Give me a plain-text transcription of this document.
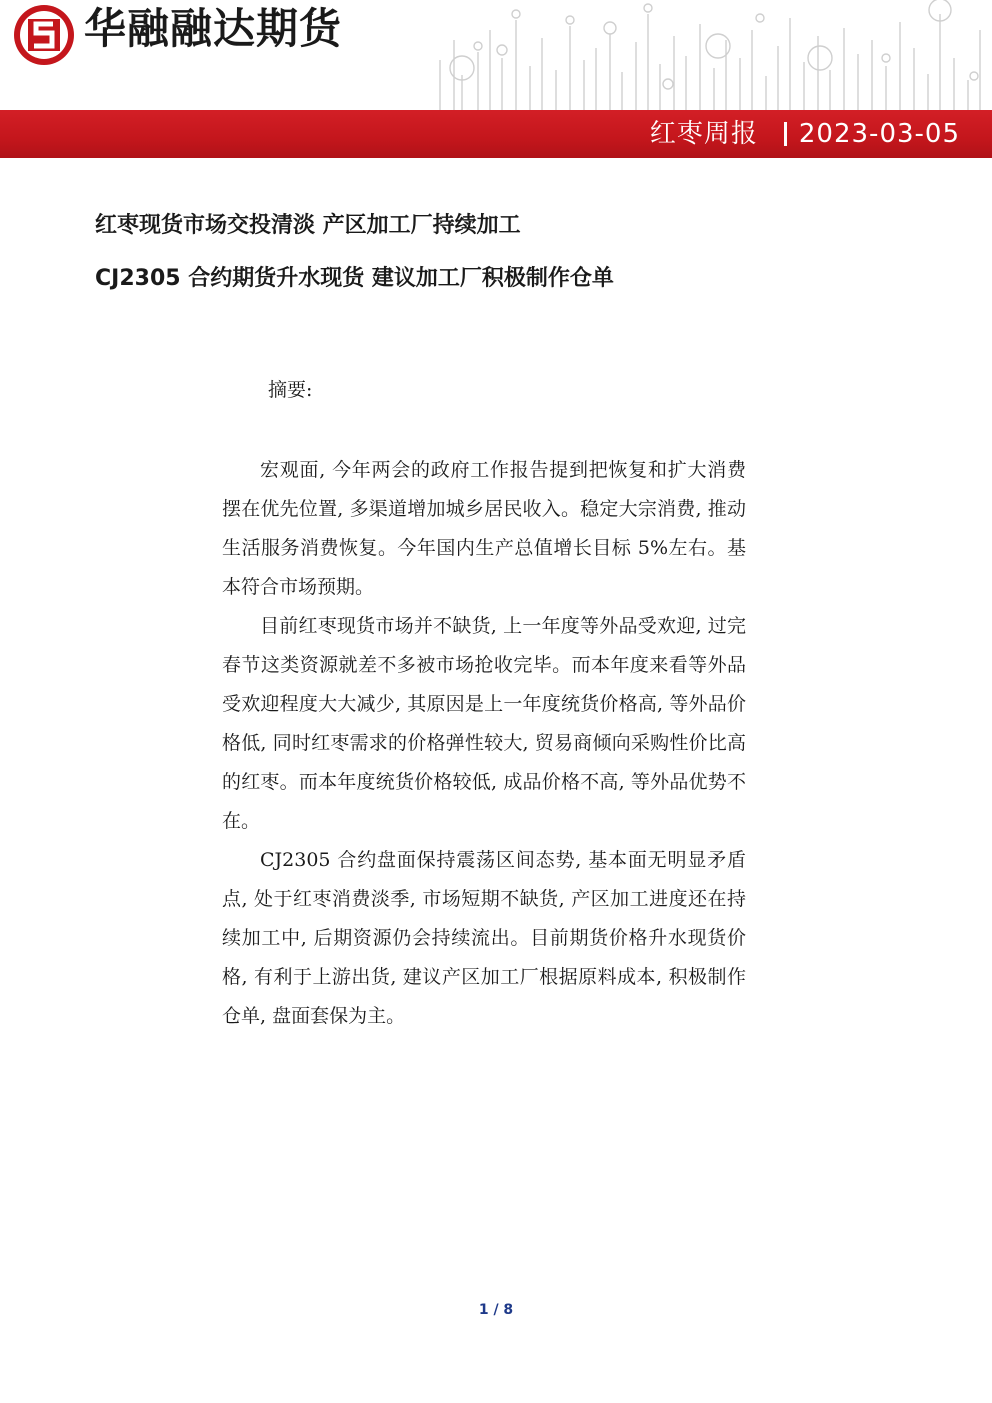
华融融达期货
红枣周报 2023-03-05
红枣现货市场交投清淡 产区加工厂持续加工
CJ2305 合约期货升水现货 建议加工厂积极制作仓单
摘要:

宏观面, 今年两会的政府工作报告提到把恢复和扩大消费摆在优先位置, 多渠道增加城乡居民收入。稳定大宗消费, 推动生活服务消费恢复。今年国内生产总值增长目标 5%左右。基本符合市场预期。

目前红枣现货市场并不缺货, 上一年度等外品受欢迎, 过完春节这类资源就差不多被市场抢收完毕。而本年度来看等外品受欢迎程度大大减少, 其原因是上一年度统货价格高, 等外品价格低, 同时红枣需求的价格弹性较大, 贸易商倾向采购性价比高的红枣。而本年度统货价格较低, 成品价格不高, 等外品优势不在。

CJ2305 合约盘面保持震荡区间态势, 基本面无明显矛盾点, 处于红枣消费淡季, 市场短期不缺货, 产区加工进度还在持续加工中, 后期资源仍会持续流出。目前期货价格升水现货价格, 有利于上游出货, 建议产区加工厂根据原料成本, 积极制作仓单, 盘面套保为主。

1 / 8
